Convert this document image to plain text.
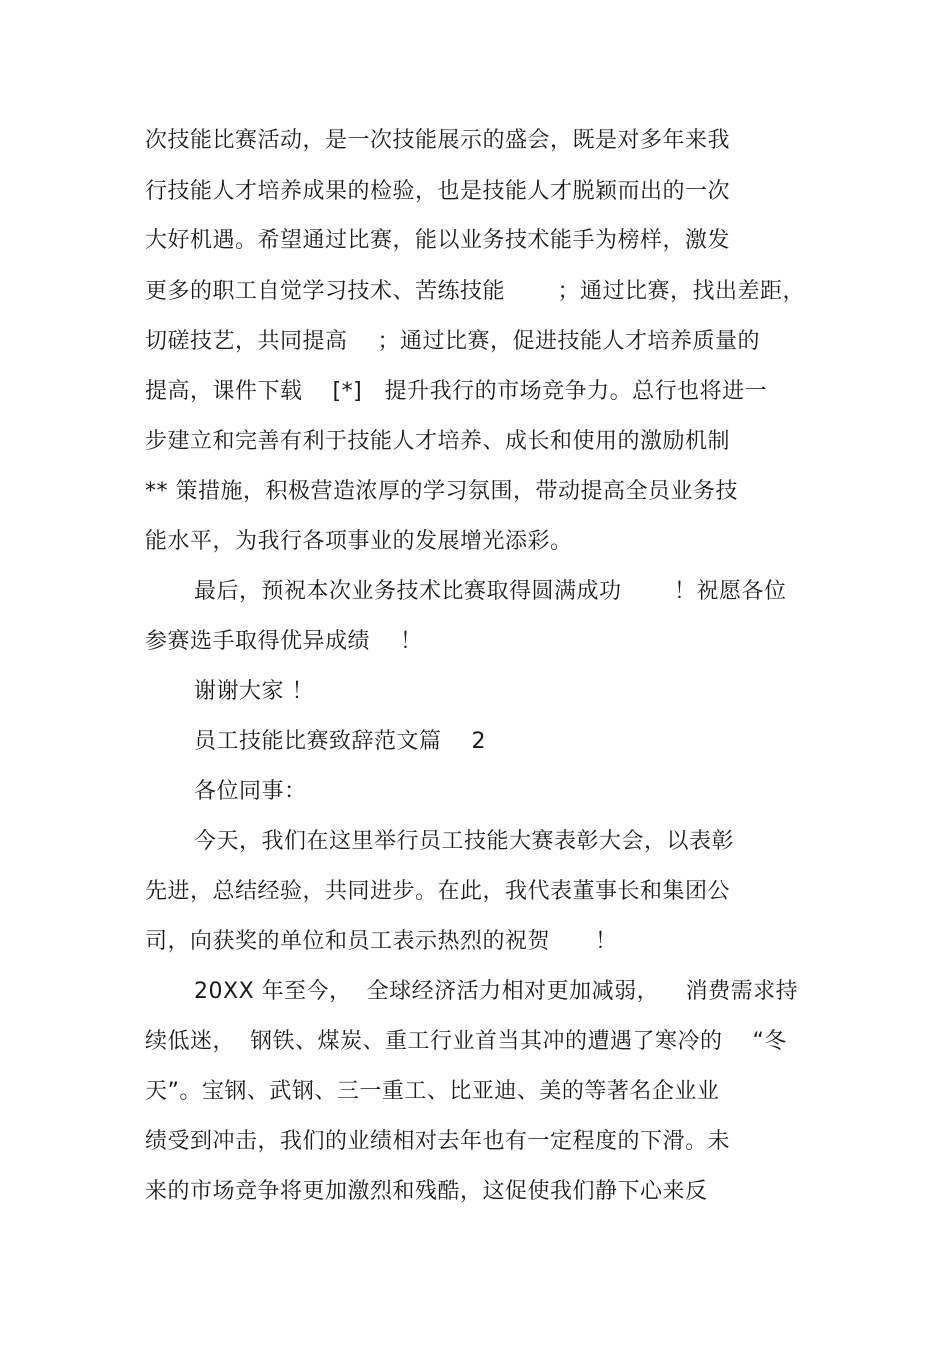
次技能比赛活动，是一次技能展示的盛会，既是对多年来我
行技能人才培养成果的检验，也是技能人才脱颖而出的一次
大好机遇。希望通过比赛，能以业务技术能手为榜样，激发
更多的职工自觉学习技术、苦练技能　　 ；通过比赛，找出差距，
切磋技艺，共同提高　 ；通过比赛，促进技能人才培养质量的
提高，课件下载　 [*]　提升我行的市场竞争力。总行也将进一
步建立和完善有利于技能人才培养、成长和使用的激励机制
** 策措施，积极营造浓厚的学习氛围，带动提高全员业务技
能水平，为我行各项事业的发展增光添彩。
最后，预祝本次业务技术比赛取得圆满成功　　 ！祝愿各位
参赛选手取得优异成绩　 ！
谢谢大家 ！
员工技能比赛致辞范文篇　 2
各位同事：
今天，我们在这里举行员工技能大赛表彰大会，以表彰
先进，总结经验，共同进步。在此，我代表董事长和集团公
司，向获奖的单位和员工表示热烈的祝贺　　！
20XX 年至今，  全球经济活力相对更加减弱，　  消费需求持
续低迷，  钢铁、煤炭、重工行业首当其冲的遭遇了寒冷的　 “冬
天”。宝钢、武钢、三一重工、比亚迪、美的等著名企业业
绩受到冲击，我们的业绩相对去年也有一定程度的下滑。未
来的市场竞争将更加激烈和残酷，这促使我们静下心来反
